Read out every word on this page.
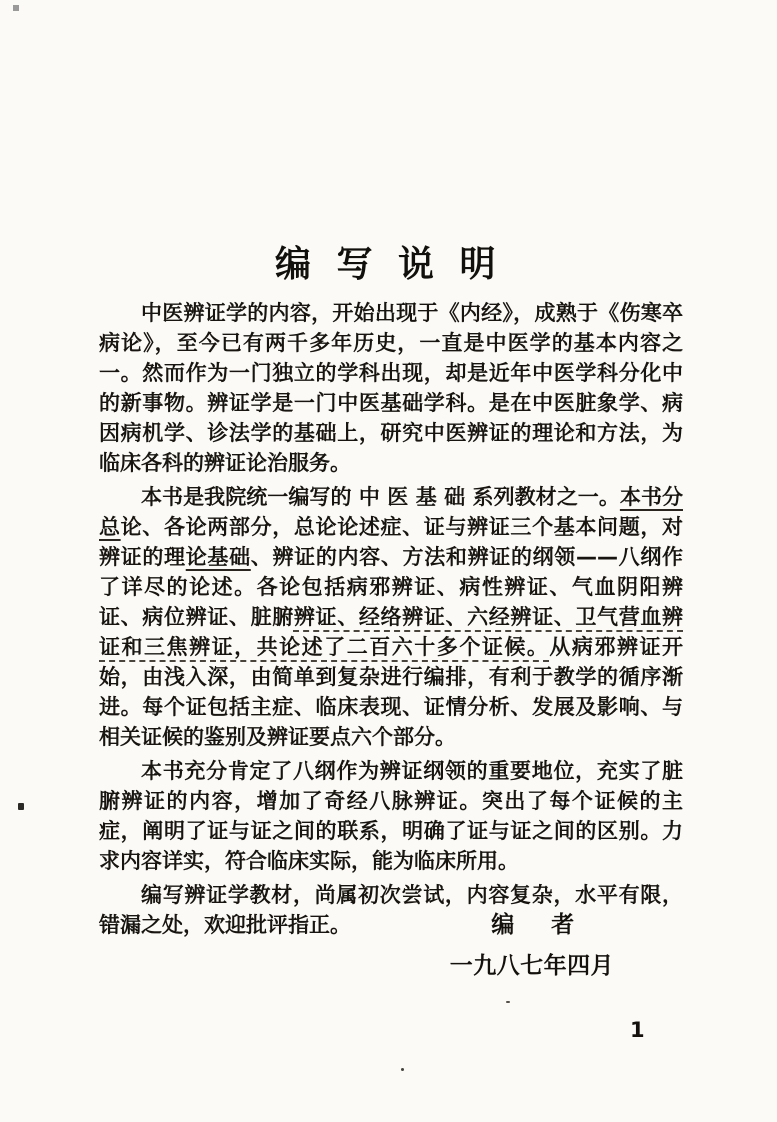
编 写 说 明

中医辨证学的内容，开始出现于《内经》，成熟于《伤寒卒病论》，至今已有两千多年历史，一直是中医学的基本内容之一。然而作为一门独立的学科出现，却是近年中医学科分化中的新事物。辨证学是一门中医基础学科。是在中医脏象学、病因病机学、诊法学的基础上，研究中医辨证的理论和方法，为临床各科的辨证论治服务。

本书是我院统一编写的 中 医 基 础 系列教材之一。本书分总论、各论两部分，总论论述症、证与辨证三个基本问题，对辨证的理论基础、辨证的内容、方法和辨证的纲领——八纲作了详尽的论述。各论包括病邪辨证、病性辨证、气血阴阳辨证、病位辨证、脏腑辨证、经络辨证、六经辨证、卫气营血辨证和三焦辨证，共论述了二百六十多个证候。从病邪辨证开始，由浅入深，由简单到复杂进行编排，有利于教学的循序渐进。每个证包括主症、临床表现、证情分析、发展及影响、与相关证候的鉴别及辨证要点六个部分。

本书充分肯定了八纲作为辨证纲领的重要地位，充实了脏腑辨证的内容，增加了奇经八脉辨证。突出了每个证候的主症，阐明了证与证之间的联系，明确了证与证之间的区别。力求内容详实，符合临床实际，能为临床所用。

编写辨证学教材，尚属初次尝试，内容复杂，水平有限，错漏之处，欢迎批评指正。	编　者
一九八七年四月
1
